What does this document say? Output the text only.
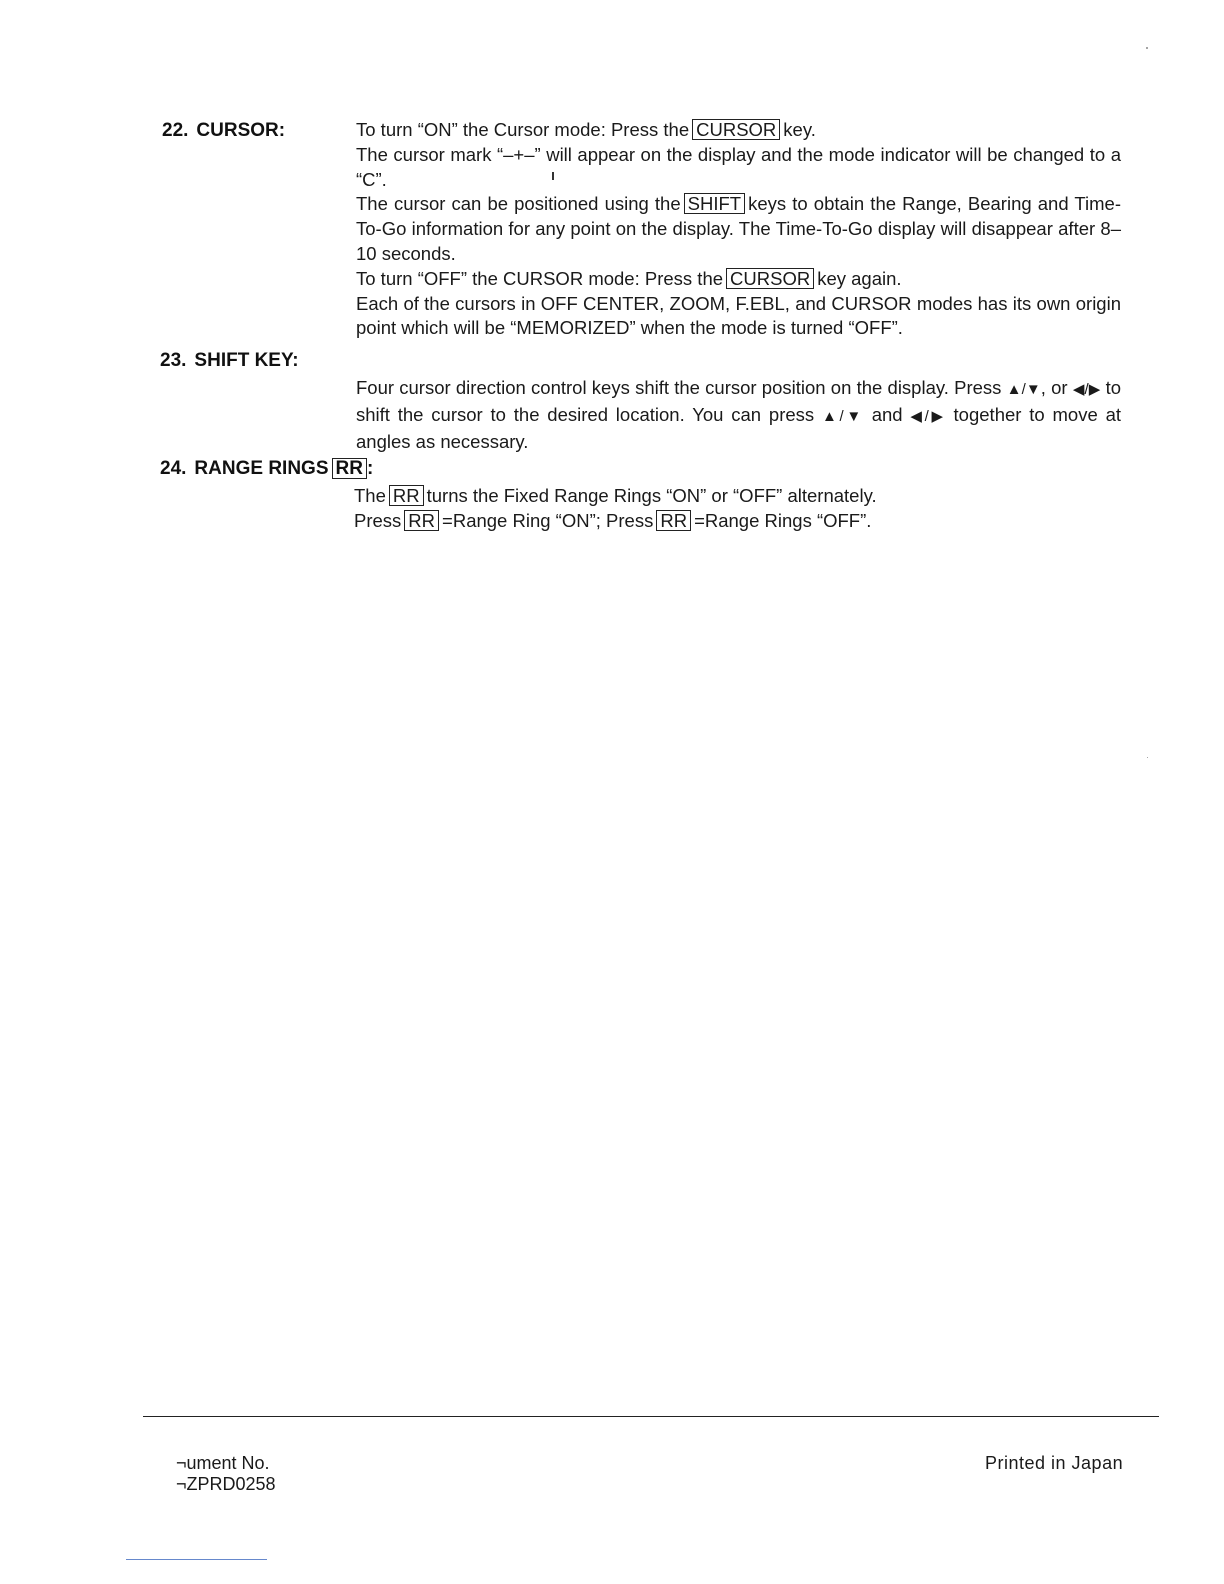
22. CURSOR:	To turn “ON” the Cursor mode: Press the CURSOR key.

The cursor mark “–+–” will appear on the display and the mode indicator will be changed to a “C”.

The cursor can be positioned using the SHIFT keys to obtain the Range, Bearing and Time-To-Go information for any point on the display. The Time-To-Go display will disappear after 8–10 seconds.

To turn “OFF” the CURSOR mode: Press the CURSOR key again.

Each of the cursors in OFF CENTER, ZOOM, F.EBL, and CURSOR modes has its own origin point which will be “MEMORIZED” when the mode is turned “OFF”.

23. SHIFT KEY:

Four cursor direction control keys shift the cursor position on the display. Press ▲/▼, or ◀/▶ to shift the cursor to the desired location. You can press ▲/▼ and ◀/▶ together to move at angles as necessary.

24. RANGE RINGS RR :

The RR turns the Fixed Range Rings “ON” or “OFF” alternately.

Press RR =Range Ring “ON”; Press RR =Range Rings “OFF”.

¬ument No.
¬ZPRD0258
Printed in Japan
